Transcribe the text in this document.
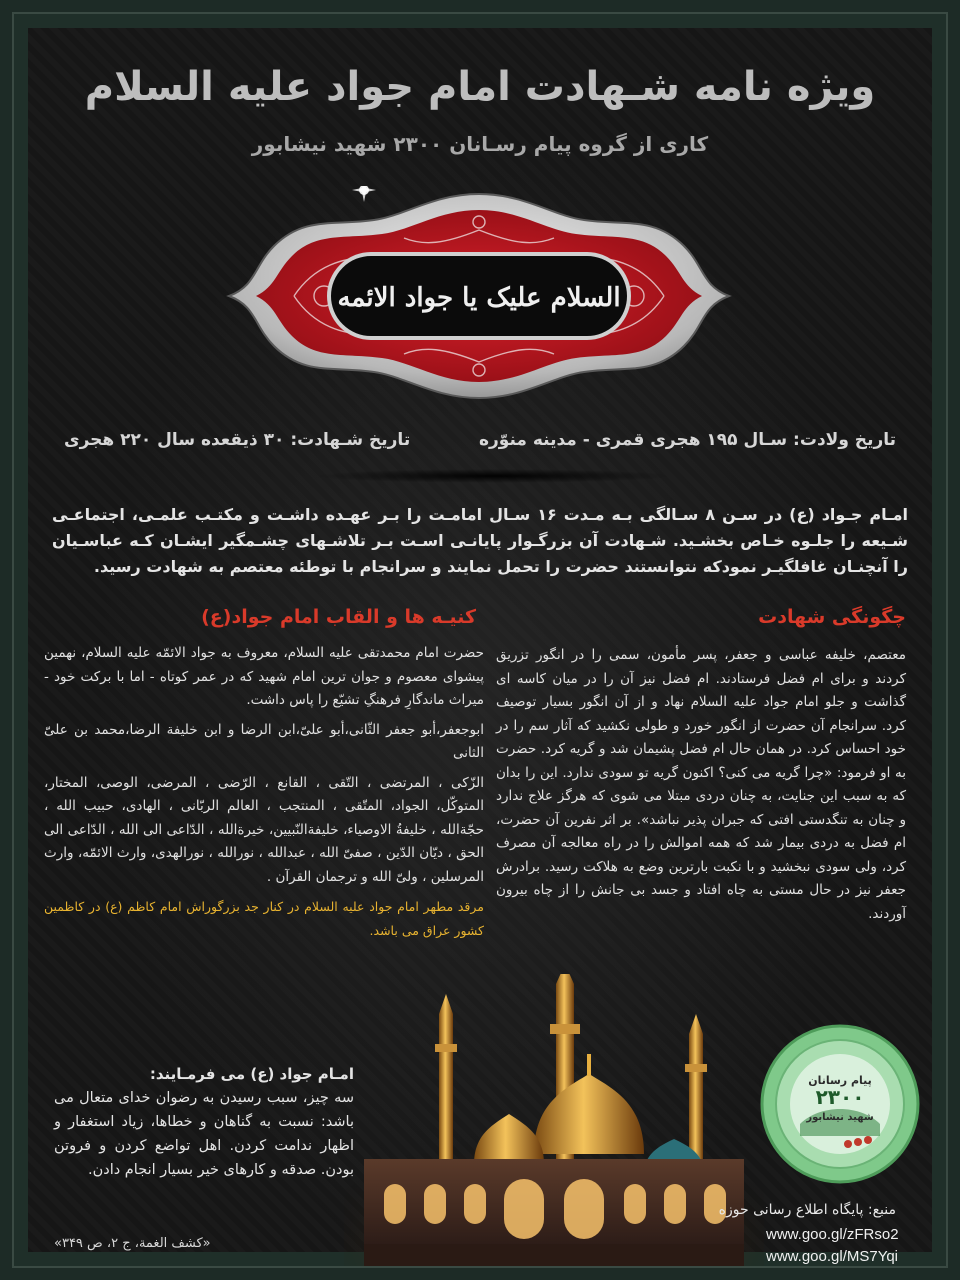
ویژه نامه شـهادت امام جواد علیه السلام
کاری از گروه پیام رسـانان ۲۳۰۰ شهید نیشابور
السلام علیک یا جواد الائمه
تاریخ ولادت: سـال ۱۹۵ هجری قمری - مدینه منوّره
تاریخ شـهادت: ۳۰ ذیقعده سال ۲۲۰ هجری
امـام جـواد (ع) در سـن ۸ سـالگی بـه مـدت ۱۶ سـال امامـت را بـر عهـده داشـت و مکتـب علمـی، اجتماعـی شـیعه را جلـوه خـاص بخشـید. شـهادت آن بزرگـوار پایانـی اسـت بـر تلاشـهای چشـمگیر ایشـان کـه عباسـیان را آنچنـان غافلگیـر نمودکه نتوانستند حضرت را تحمل نمایند و سرانجام با توطئه معتصم به شهادت رسید.
چگونگی شهادت
کنیـه ها و القاب امام جواد(ع)
معتصم، خلیفه عباسی و جعفر، پسر مأمون، سمی را در انگور تزریق کردند و برای ام فضل فرستادند. ام فضل نیز آن را در میان کاسه ای گذاشت و جلو امام جواد علیه السلام نهاد و از آن انگور بسیار توصیف کرد. سرانجام آن حضرت از انگور خورد و طولی نکشید که آثار سم را در خود احساس کرد. در همان حال ام فضل پشیمان شد و گریه کرد. حضرت به او فرمود: «چرا گریه می کنی؟ اکنون گریه تو سودی ندارد. این را بدان که به سبب این جنایت، به چنان دردی مبتلا می شوی که هرگز علاج ندارد و چنان به تنگدستی افتی که جبران پذیر نباشد». بر اثر نفرین آن حضرت، ام فضل به دردی بیمار شد که همه اموالش را در راه معالجه آن مصرف کرد، ولی سودی نبخشید و با نکبت بارترین وضع به هلاکت رسید. برادرش جعفر نیز در حال مستی به چاه افتاد و جسد بی جانش را از چاه بیرون آوردند.

حضرت امام محمدتقی علیه السلام، معروف به جواد الائمّه علیه السلام، نهمین پیشوای معصوم و جوان ترین امام شهید که در عمر کوتاه - اما با برکت خود - میراث ماندگارِ فرهنگِ تشیّع را پاس داشت.

ابوجعفر،أبو جعفر الثّانی،أبو علیّ،ابن الرضا و ابن خلیفة الرضا،محمد بن علیّ الثانی

الزّکی ، المرتضی ، التّقی ، القانع ، الرّضی ، المرضی، الوصی، المختار، المتوکّل، الجواد، المتّقی ، المنتجب ، العالم الربّانی ، الهادی، حبیب الله ، حجّةالله ، خلیفةُ الاوصیاء، خلیفةالنّبیین، خیرةالله ، الدّاعی الی الله ، الدّاعی الی الحق ، دیّان الدّین ، صفیّ الله ، عبدالله ، نورالله ، نورالهدی، وارث الائمّه، وارث المرسلین ، ولیّ الله و ترجمان القرآن .

مرقد مطهر امام جواد علیه السلام در کنار جد بزرگوراش امام کاظم (ع) در کاظمین کشور عراق می باشد.

امـام جواد (ع) می فرمـایند:
سه چیز، سبب رسیدن به رضوان خدای متعال می باشد: نسبت به گناهان و خطاها، زیاد استغفار و اظهار ندامت کردن. اهل تواضع کردن و فروتن بودن. صدقه و کارهای خیر بسیار انجام دادن.
«کشف الغمة، ج ۲، ص ۳۴۹»
پیام رسانان
۲۳۰۰
شهید نیشابور
منبع: پایگاه اطلاع رسانی حوزه
www.goo.gl/zFRso2
www.goo.gl/MS7Yqi
